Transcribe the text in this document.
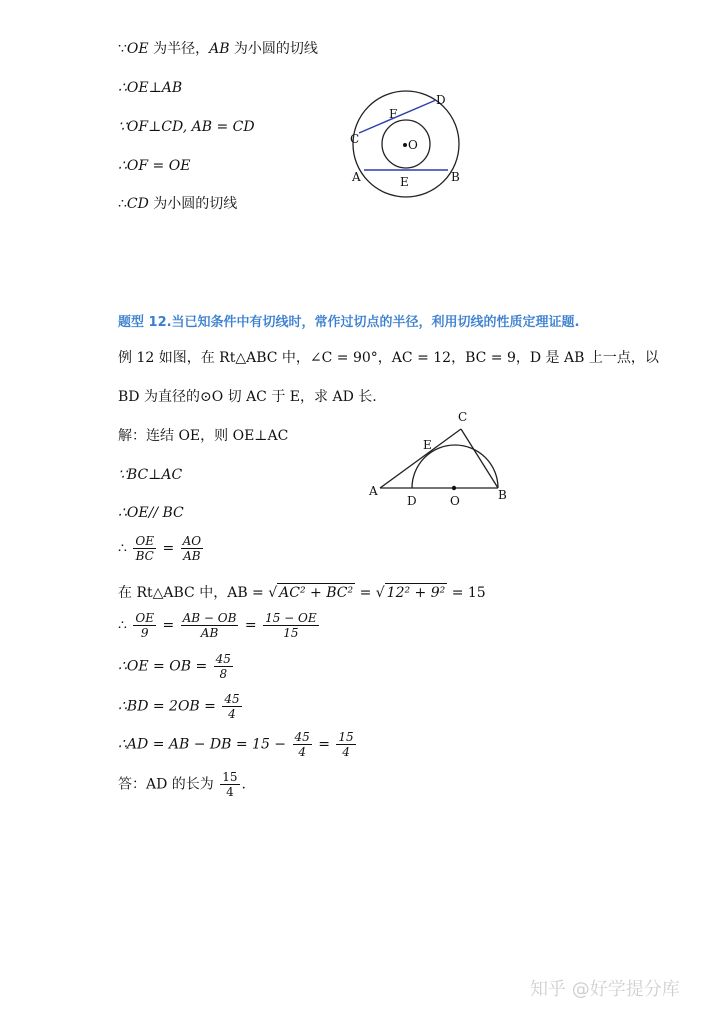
∵OE 为半径，AB 为小圆的切线
∴OE⊥AB
∵OF⊥CD, AB = CD
∴OF = OE
∴CD 为小圆的切线
D
F
C	O
A	E	B
题型 12.当已知条件中有切线时，常作过切点的半径，利用切线的性质定理证题.
例 12 如图，在 Rt△ABC 中，∠C = 90°，AC = 12，BC = 9，D 是 AB 上一点，以
BD 为直径的⊙O 切 AC 于 E，求 AD 长.
解：连结 OE，则 OE⊥AC
∵BC⊥AC
∴OE// BC
∴ $\frac{OE}{BC} = \frac{AO}{AB}$
在 Rt△ABC 中，AB = √ AC² + BC² = √ 12² + 9² = 15
∴ $\frac{OE}{9} = \frac{AB - OB}{AB} = \frac{15 - OE}{15}$
∴OE = OB = $\frac{45}{8}$
∴BD = $2OB = \frac{45}{4}$
∴AD = AB − DB = $15 - \frac{45}{4} = \frac{15}{4}$
答：AD 的长为 $\frac{15}{4}$ .
C
E
A
D	O	B
知乎 @好学提分库
